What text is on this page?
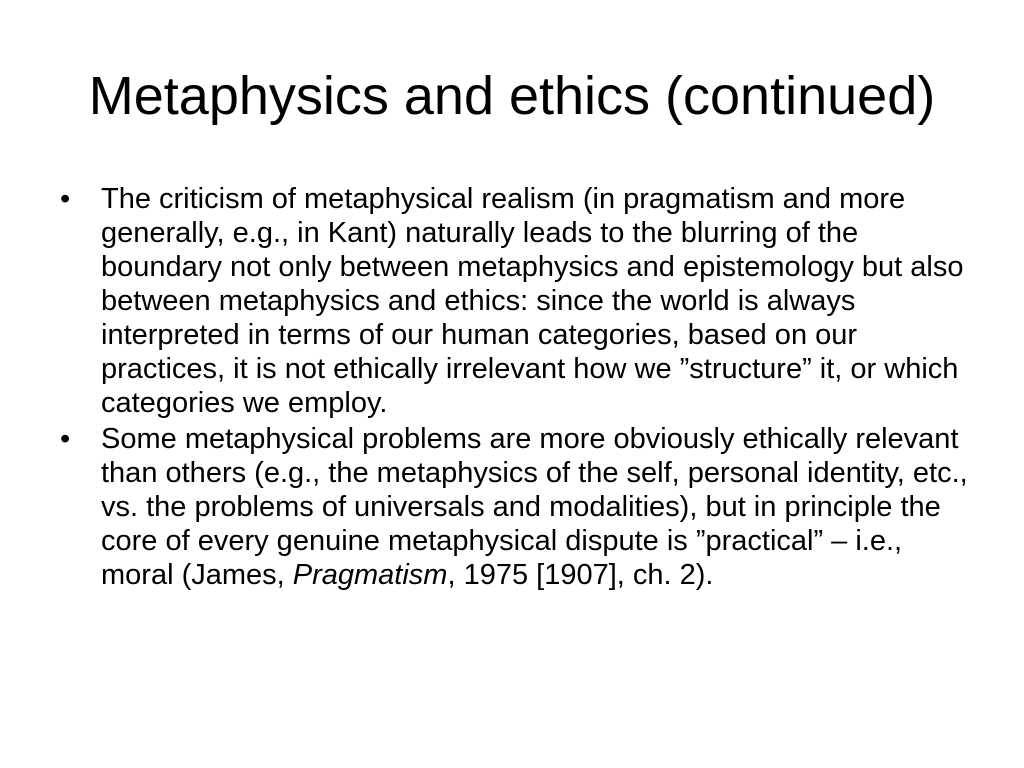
Metaphysics and ethics (continued)
•	The criticism of metaphysical realism (in pragmatism and more generally, e.g., in Kant) naturally leads to the blurring of the boundary not only between metaphysics and epistemology but also between metaphysics and ethics: since the world is always interpreted in terms of our human categories, based on our practices, it is not ethically irrelevant how we ”structure” it, or which categories we employ.
•	Some metaphysical problems are more obviously ethically relevant than others (e.g., the metaphysics of the self, personal identity, etc., vs. the problems of universals and modalities), but in principle the core of every genuine metaphysical dispute is ”practical” – i.e., moral (James, Pragmatism, 1975 [1907], ch. 2).
